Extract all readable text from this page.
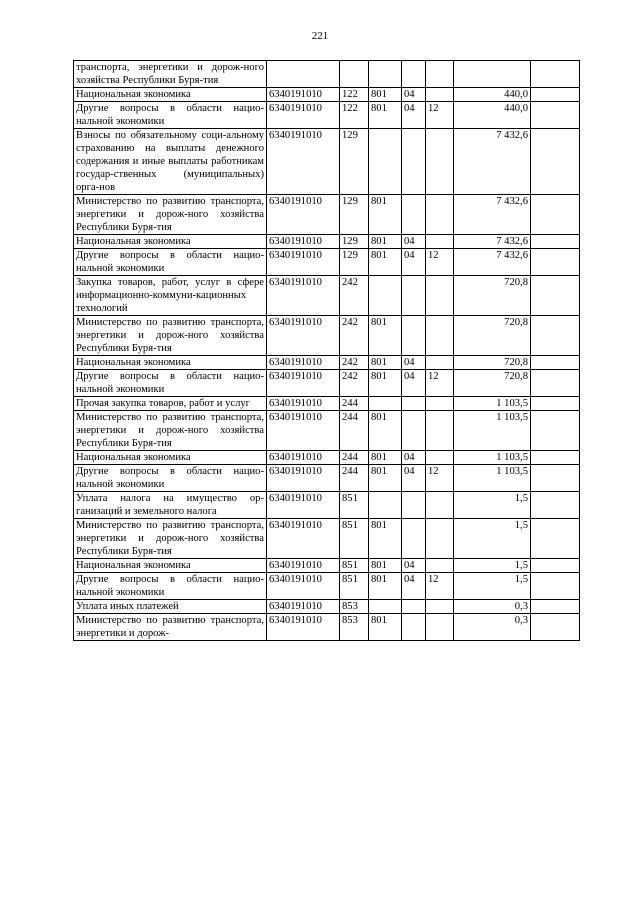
221
транспорта, энергетики и дорож-ного хозяйства Республики Буря-тия							
Национальная экономика	6340191010	122	801	04		440,0	
Другие вопросы в области нацио-нальной экономики	6340191010	122	801	04	12	440,0	
Взносы по обязательному соци-альному страхованию на выплаты денежного содержания и иные выплаты работникам государ-ственных (муниципальных) орга-нов	6340191010	129				7 432,6	
Министерство по развитию транспорта, энергетики и дорож-ного хозяйства Республики Буря-тия	6340191010	129	801			7 432,6	
Национальная экономика	6340191010	129	801	04		7 432,6	
Другие вопросы в области нацио-нальной экономики	6340191010	129	801	04	12	7 432,6	
Закупка товаров, работ, услуг в сфере информационно-коммуни-кационных технологий	6340191010	242				720,8	
Министерство по развитию транспорта, энергетики и дорож-ного хозяйства Республики Буря-тия	6340191010	242	801			720,8	
Национальная экономика	6340191010	242	801	04		720,8	
Другие вопросы в области нацио-нальной экономики	6340191010	242	801	04	12	720,8	
Прочая закупка товаров, работ и услуг	6340191010	244				1 103,5	
Министерство по развитию транспорта, энергетики и дорож-ного хозяйства Республики Буря-тия	6340191010	244	801			1 103,5	
Национальная экономика	6340191010	244	801	04		1 103,5	
Другие вопросы в области нацио-нальной экономики	6340191010	244	801	04	12	1 103,5	
Уплата налога на имущество ор-ганизаций и земельного налога	6340191010	851				1,5	
Министерство по развитию транспорта, энергетики и дорож-ного хозяйства Республики Буря-тия	6340191010	851	801			1,5	
Национальная экономика	6340191010	851	801	04		1,5	
Другие вопросы в области нацио-нальной экономики	6340191010	851	801	04	12	1,5	
Уплата иных платежей	6340191010	853				0,3	
Министерство по развитию транспорта, энергетики и дорож-	6340191010	853	801			0,3	
